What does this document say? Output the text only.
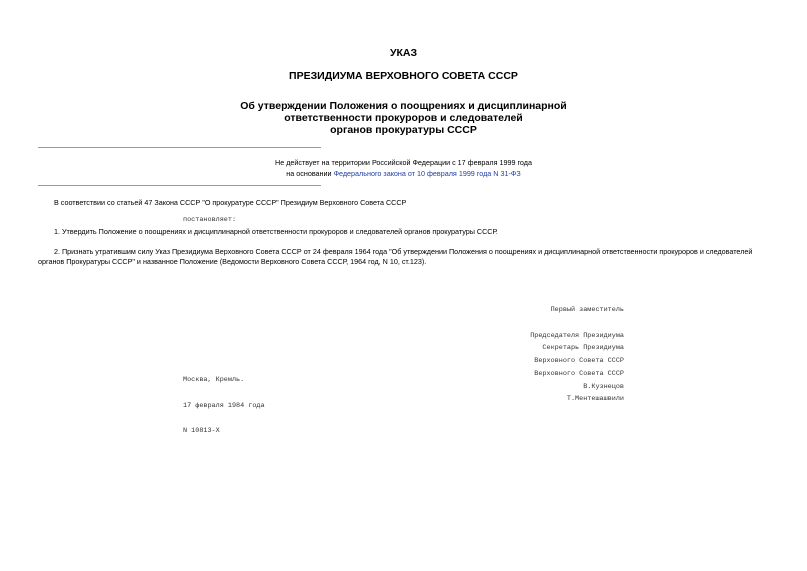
УКАЗ
ПРЕЗИДИУМА ВЕРХОВНОГО СОВЕТА СССР
Об утверждении Положения о поощрениях и дисциплинарной
ответственности прокуроров и следователей
органов прокуратуры СССР
Не действует на территории Российской Федерации с 17 февраля 1999 года
на основании Федерального закона от 10 февраля 1999 года N 31-ФЗ
В соответствии со статьей 47 Закона СССР "О прокуратуре СССР" Президиум Верховного Совета СССР
постановляет:
1. Утвердить Положение о поощрениях и дисциплинарной ответственности прокуроров и следователей органов прокуратуры СССР.
2. Признать утратившим силу Указ Президиума Верховного Совета СССР от 24 февраля 1964 года "Об утверждении Положения о поощрениях и дисциплинарной ответственности прокуроров и следователей органов Прокуратуры СССР" и названное Положение (Ведомости Верховного Совета СССР, 1964 год, N 10, ст.123).

Первый заместитель

Председателя Президиума

Верховного Совета СССР

В.Кузнецов

Секретарь Президиума

Верховного Совета СССР

Т.Ментешашвили

Москва, Кремль.

17 февраля 1984 года

N 10813-X
